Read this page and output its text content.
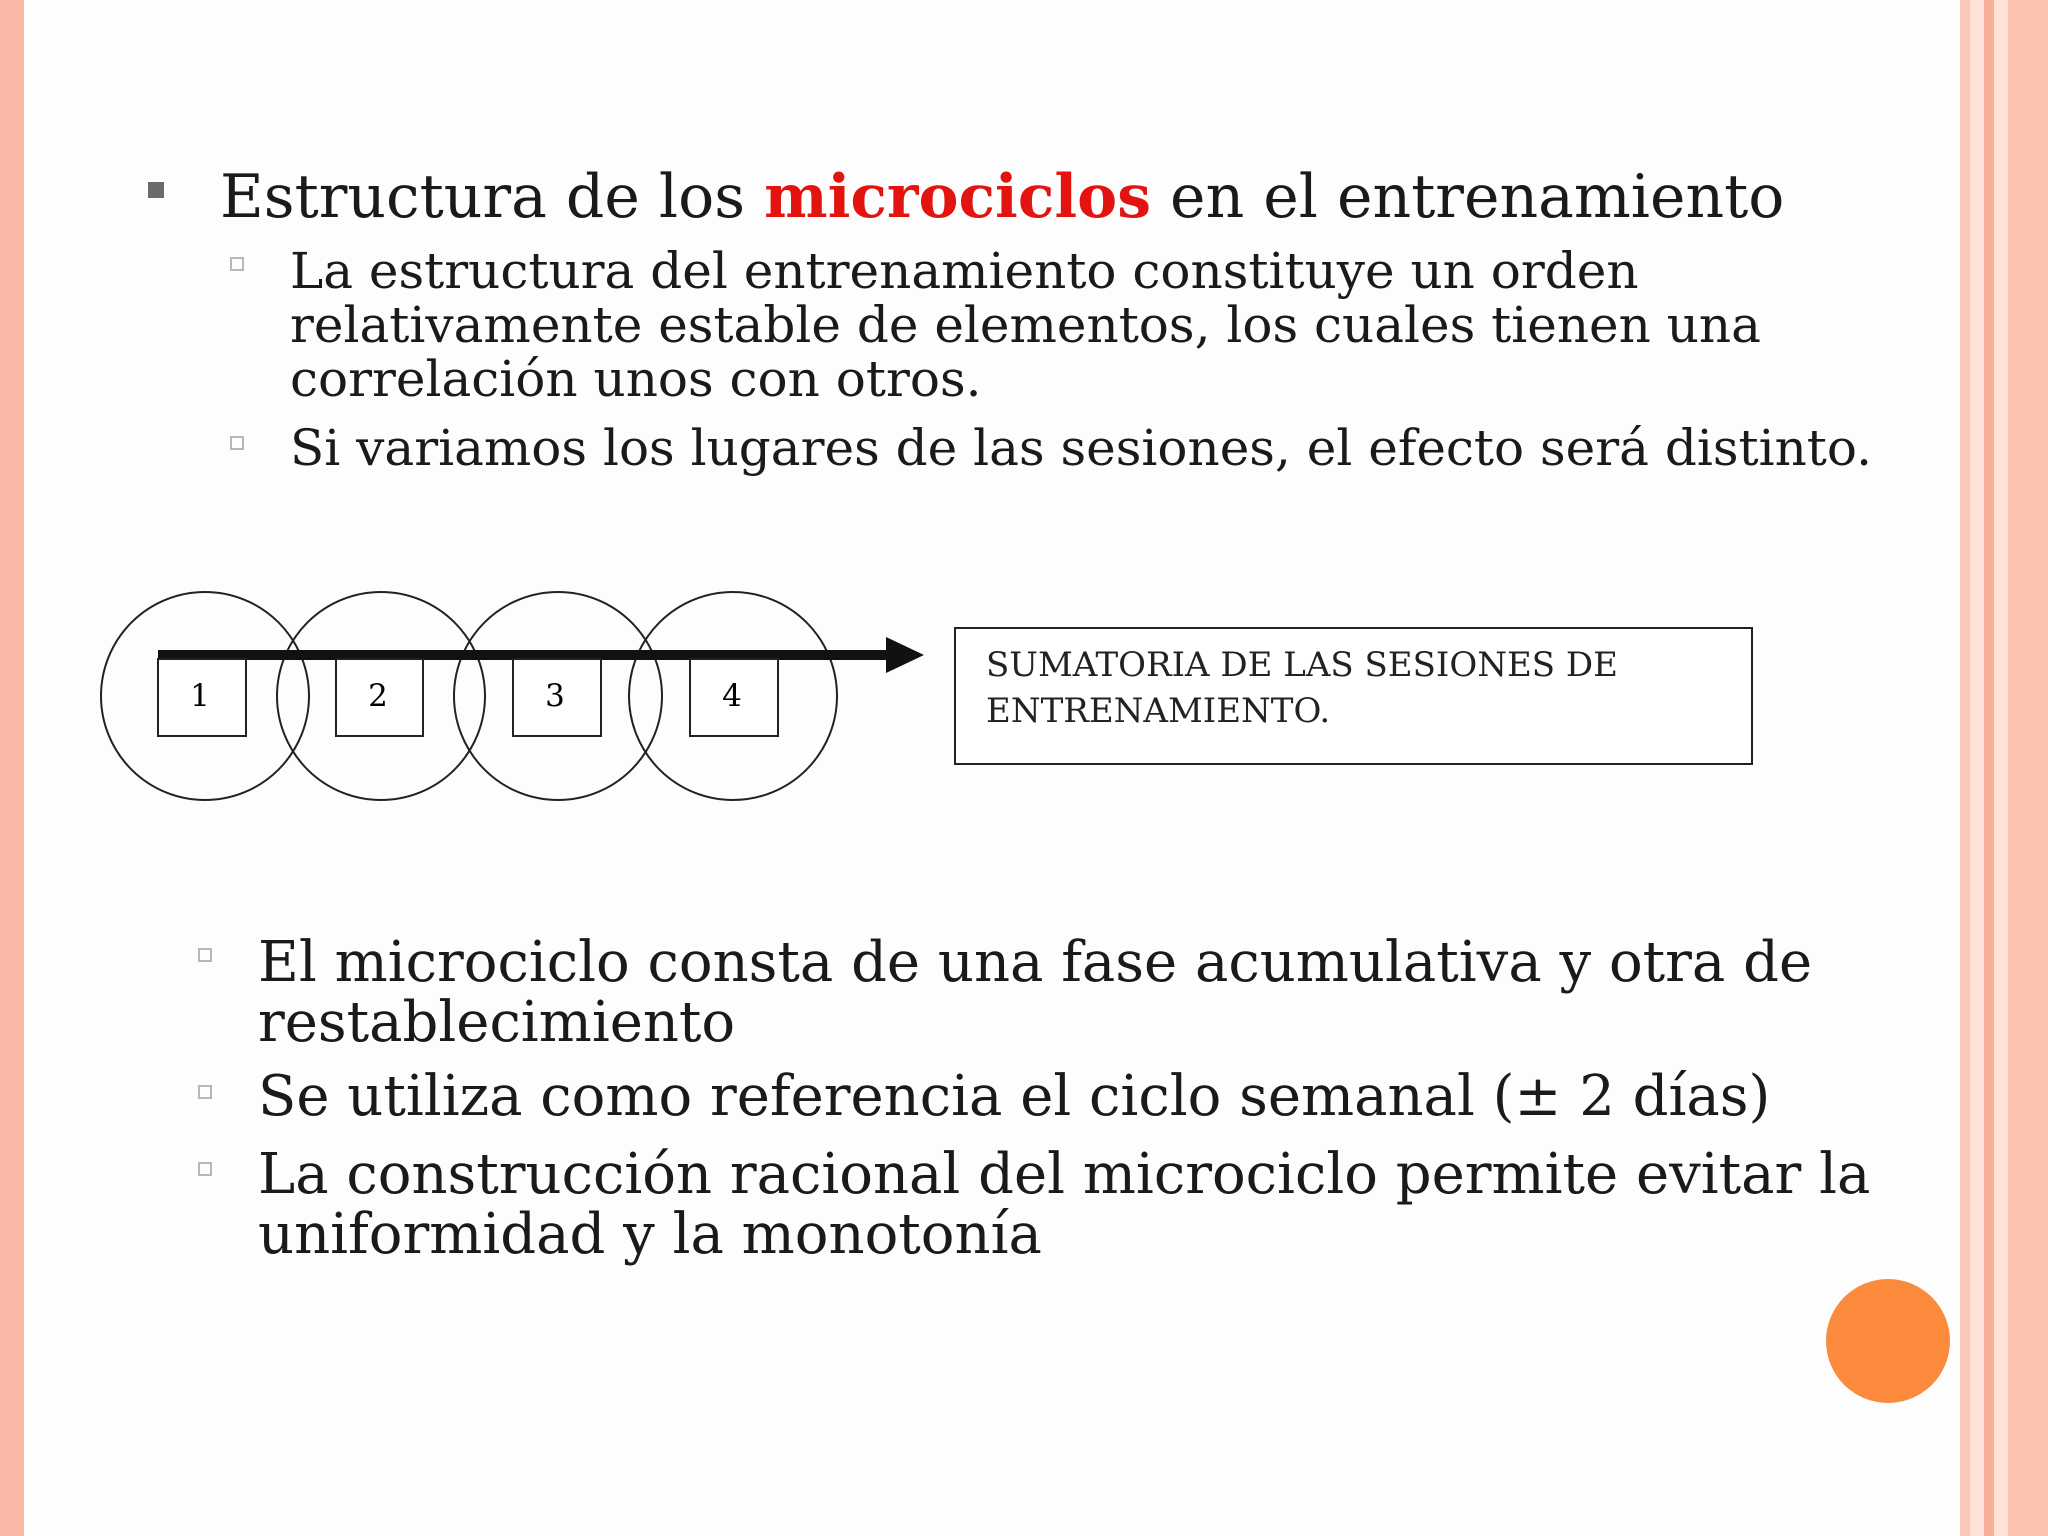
Estructura de los microciclos en el entrenamiento
La estructura del entrenamiento constituye un orden relativamente estable de elementos, los cuales tienen una correlación unos con otros.
Si variamos los lugares de las sesiones, el efecto será distinto.
1	2	3	4
SUMATORIA DE LAS SESIONES DE ENTRENAMIENTO.
El microciclo consta de una fase acumulativa y otra de restablecimiento
Se utiliza como referencia el ciclo semanal (± 2 días)
La construcción racional del microciclo permite evitar la uniformidad y la monotonía
